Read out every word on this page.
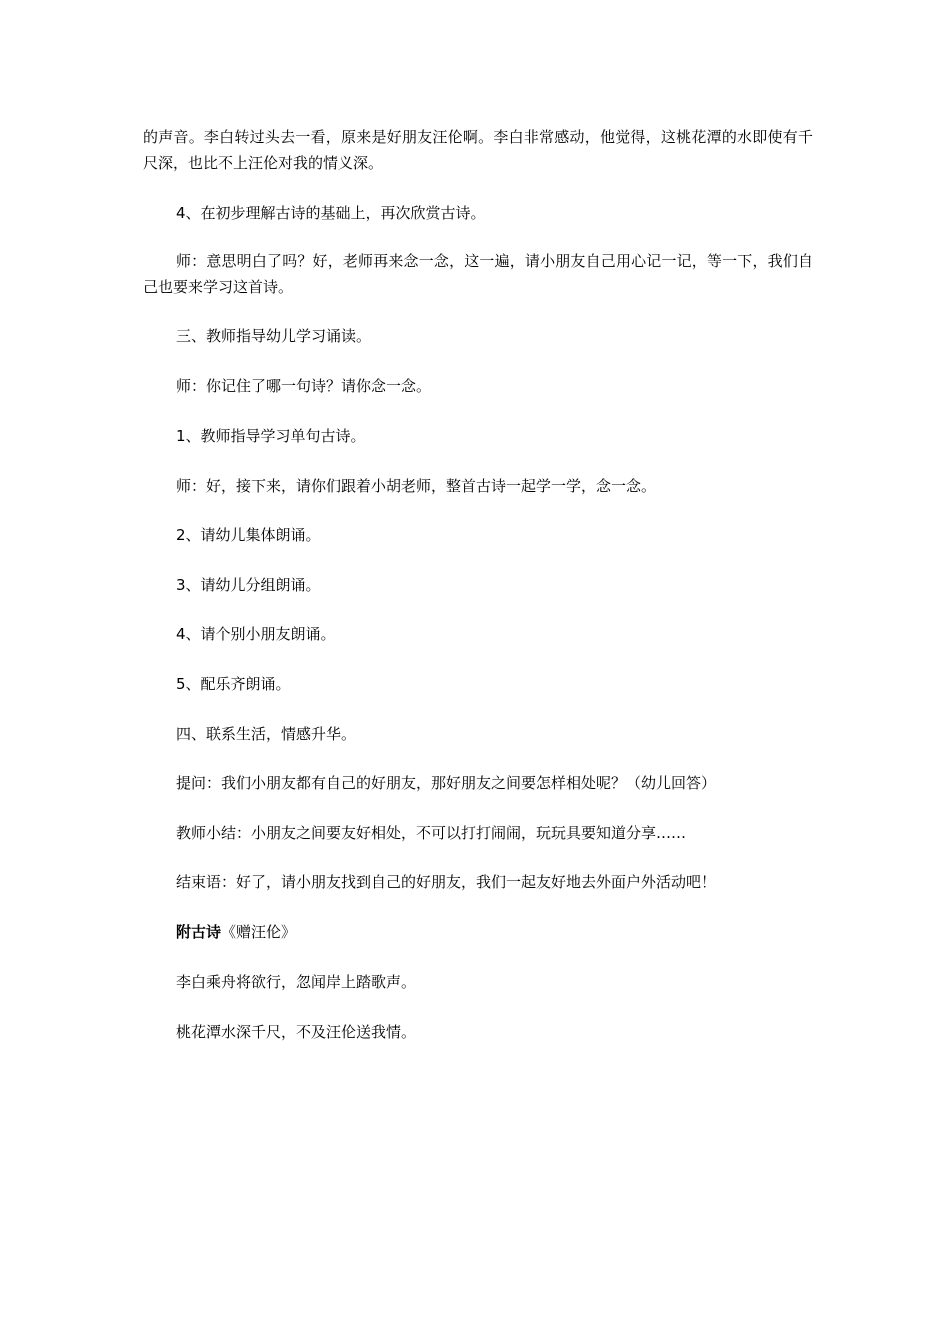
的声音。李白转过头去一看，原来是好朋友汪伦啊。李白非常感动，他觉得，这桃花潭的水即使有千尺深，也比不上汪伦对我的情义深。

4、在初步理解古诗的基础上，再次欣赏古诗。

师：意思明白了吗？好，老师再来念一念，这一遍，请小朋友自己用心记一记，等一下，我们自己也要来学习这首诗。

三、教师指导幼儿学习诵读。

师：你记住了哪一句诗？请你念一念。

1、教师指导学习单句古诗。

师：好，接下来，请你们跟着小胡老师，整首古诗一起学一学，念一念。

2、请幼儿集体朗诵。

3、请幼儿分组朗诵。

4、请个别小朋友朗诵。

5、配乐齐朗诵。

四、联系生活，情感升华。

提问：我们小朋友都有自己的好朋友，那好朋友之间要怎样相处呢？（幼儿回答）

教师小结：小朋友之间要友好相处，不可以打打闹闹，玩玩具要知道分享……

结束语：好了，请小朋友找到自己的好朋友，我们一起友好地去外面户外活动吧！

附古诗《赠汪伦》

李白乘舟将欲行，忽闻岸上踏歌声。

桃花潭水深千尺，不及汪伦送我情。
